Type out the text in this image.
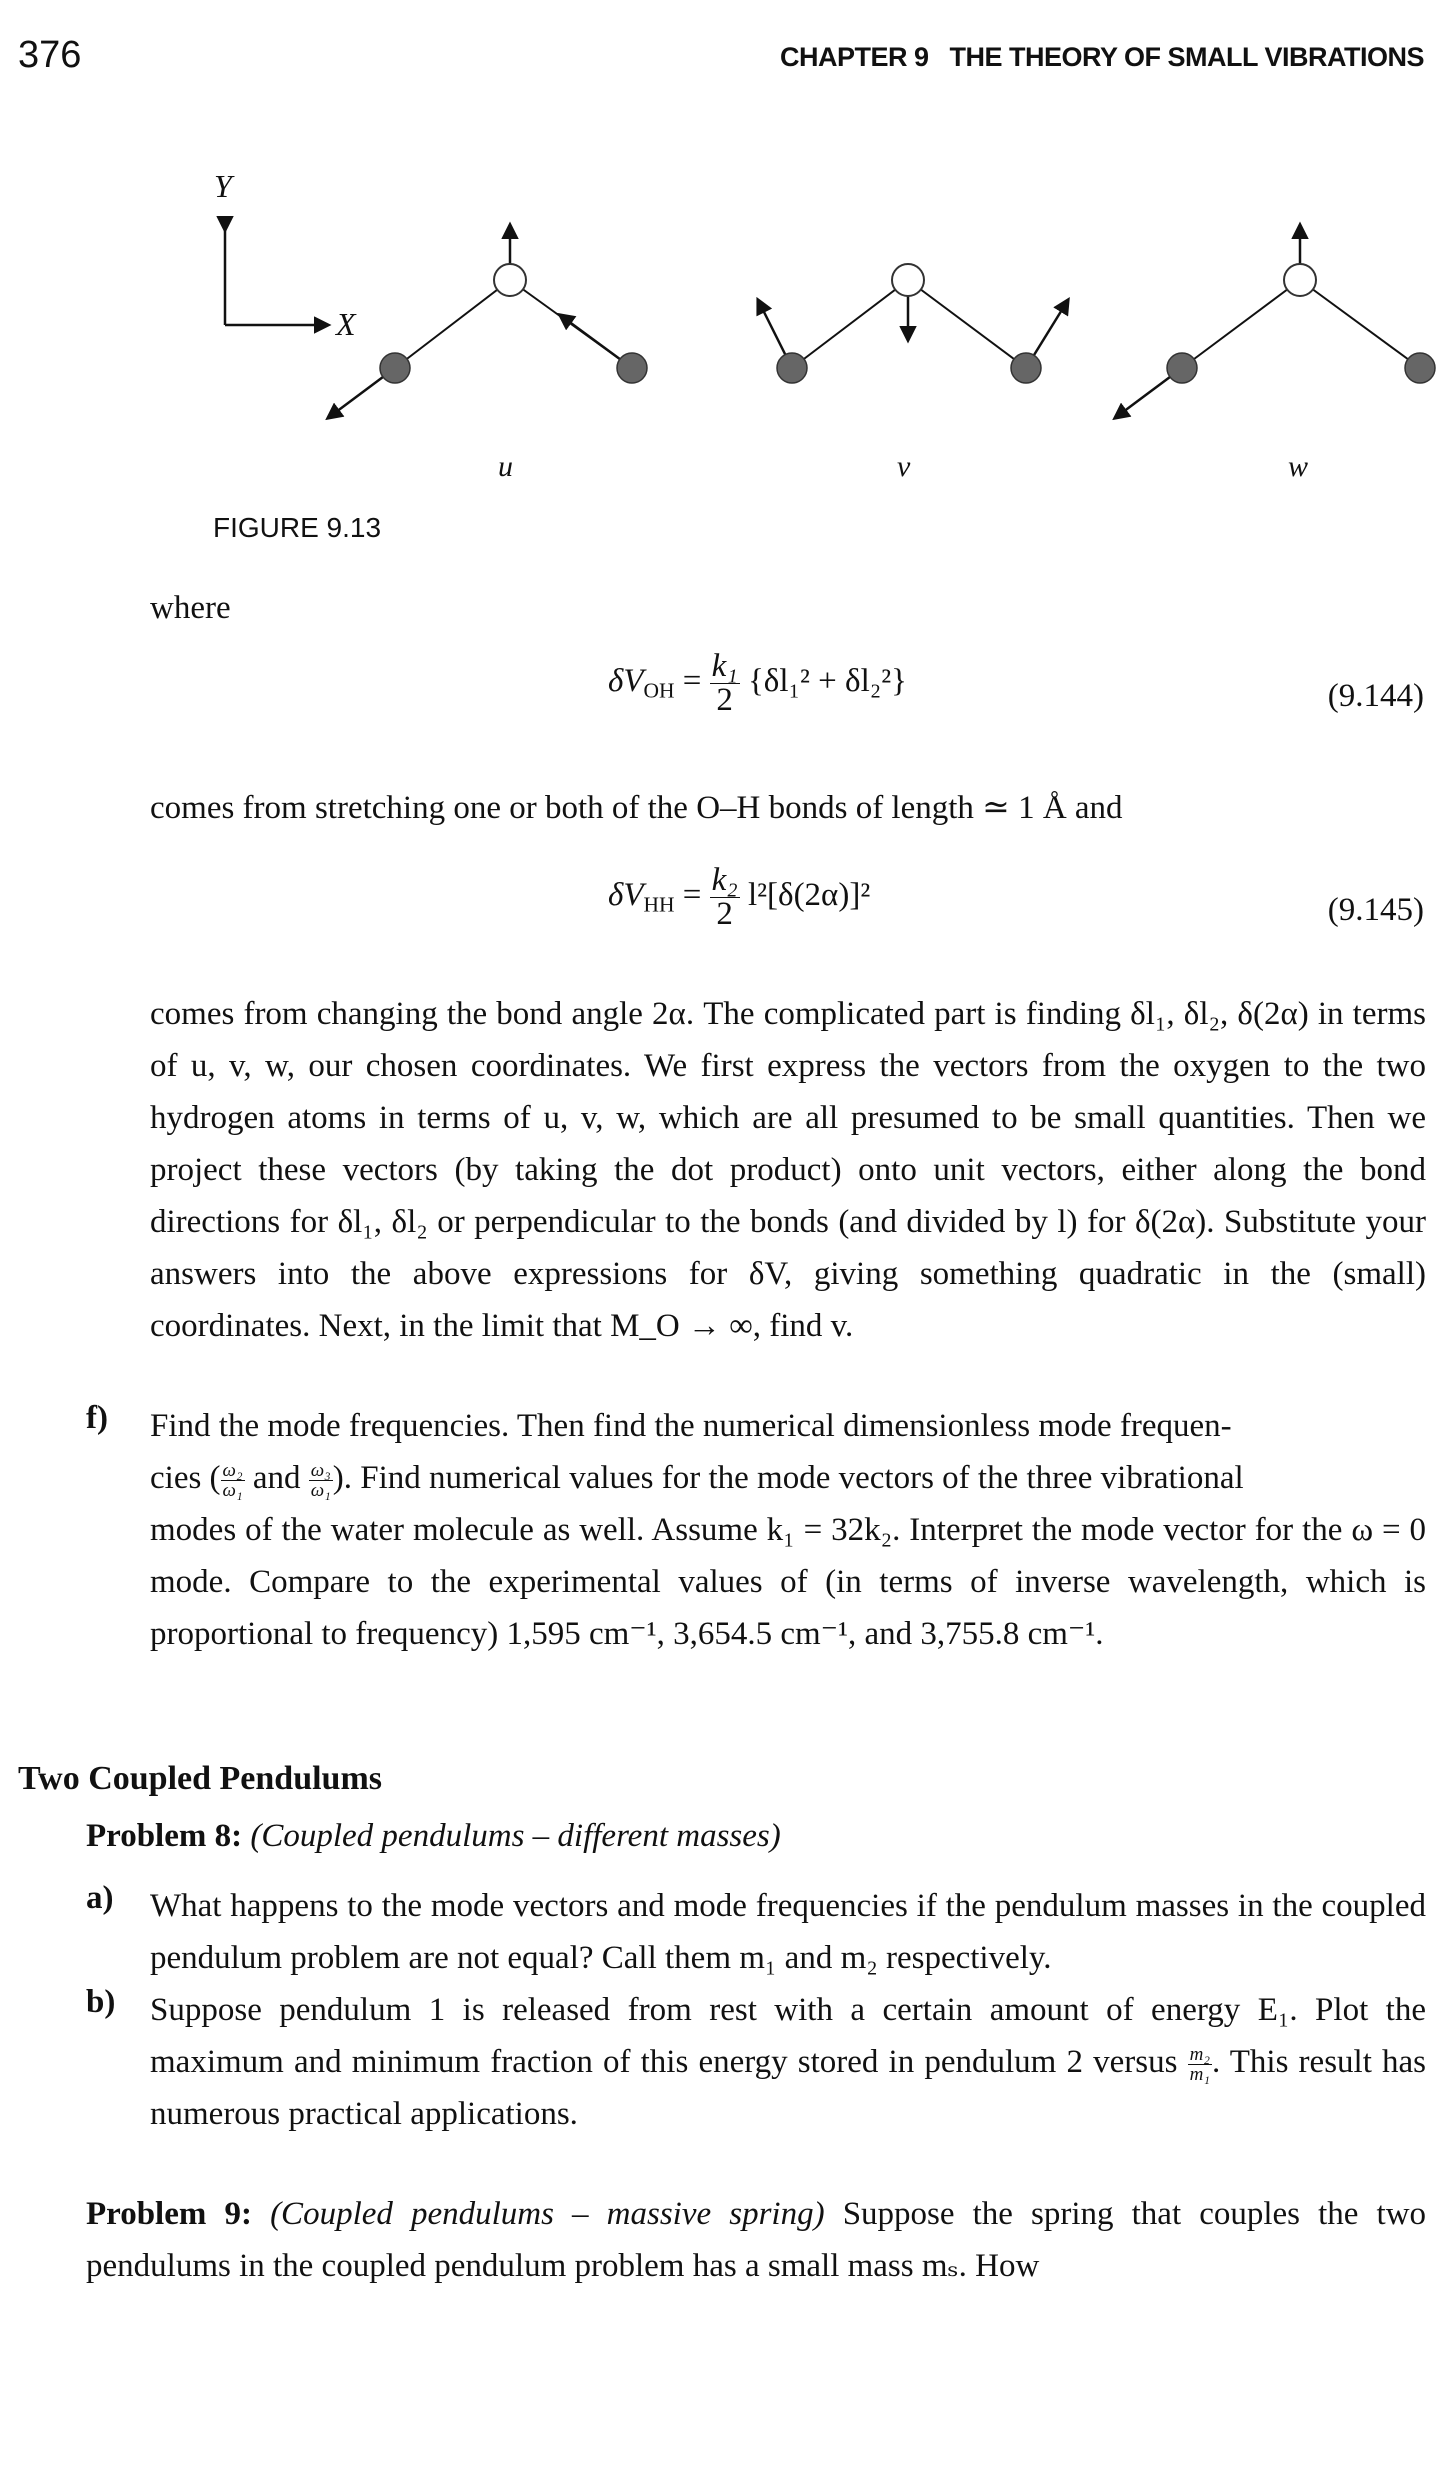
376	CHAPTER 9   THE THEORY OF SMALL VIBRATIONS
Y
X
u	v	w
FIGURE 9.13
where
$\delta V_{OH} = \frac{\text{k₁}}{2} \{\delta l_1^2 + \delta l_2^2\}$	(9.144)
comes from stretching one or both of the O–H bonds of length ≃ 1 Å and
$\delta V_{HH} = \frac{\text{k₂}}{2} l^2[\delta(2\alpha)]^2$	(9.145)

comes from changing the bond angle 2α. The complicated part is finding δl₁, δl₂, δ(2α) in terms of u, v, w, our chosen coordinates. We first express the vectors from the oxygen to the two hydrogen atoms in terms of u, v, w, which are all presumed to be small quantities. Then we project these vectors (by taking the dot product) onto unit vectors, either along the bond directions for δl₁, δl₂ or perpendicular to the bonds (and divided by l) for δ(2α). Substitute your answers into the above expressions for δV, giving something quadratic in the (small) coordinates. Next, in the limit that M_O → ∞, find v.

f) Find the mode frequencies. Then find the numerical dimensionless mode frequen-
cies ( $\frac{\text{ω₂}}{\text{ω₁}}$ and $\frac{\text{ω₃}}{\text{ω₁}}$ ). Find numerical values for the mode vectors of the three vibrational
modes of the water molecule as well. Assume k₁ = 32k₂. Interpret the mode vector for the ω = 0 mode. Compare to the experimental values of (in terms of inverse wavelength, which is proportional to frequency) 1,595 cm⁻¹, 3,654.5 cm⁻¹, and 3,755.8 cm⁻¹.
Two Coupled Pendulums
Problem 8: (Coupled pendulums – different masses)
a) What happens to the mode vectors and mode frequencies if the pendulum masses in the coupled pendulum problem are not equal? Call them m₁ and m₂ respectively.
b) Suppose pendulum 1 is released from rest with a certain amount of energy E₁. Plot the maximum and minimum fraction of this energy stored in pendulum 2 versus $\frac{\text{m₂}}{\text{m₁}}$ . This result has numerous practical applications.
Problem 9: (Coupled pendulums – massive spring) Suppose the spring that couples the two pendulums in the coupled pendulum problem has a small mass mₛ. How
